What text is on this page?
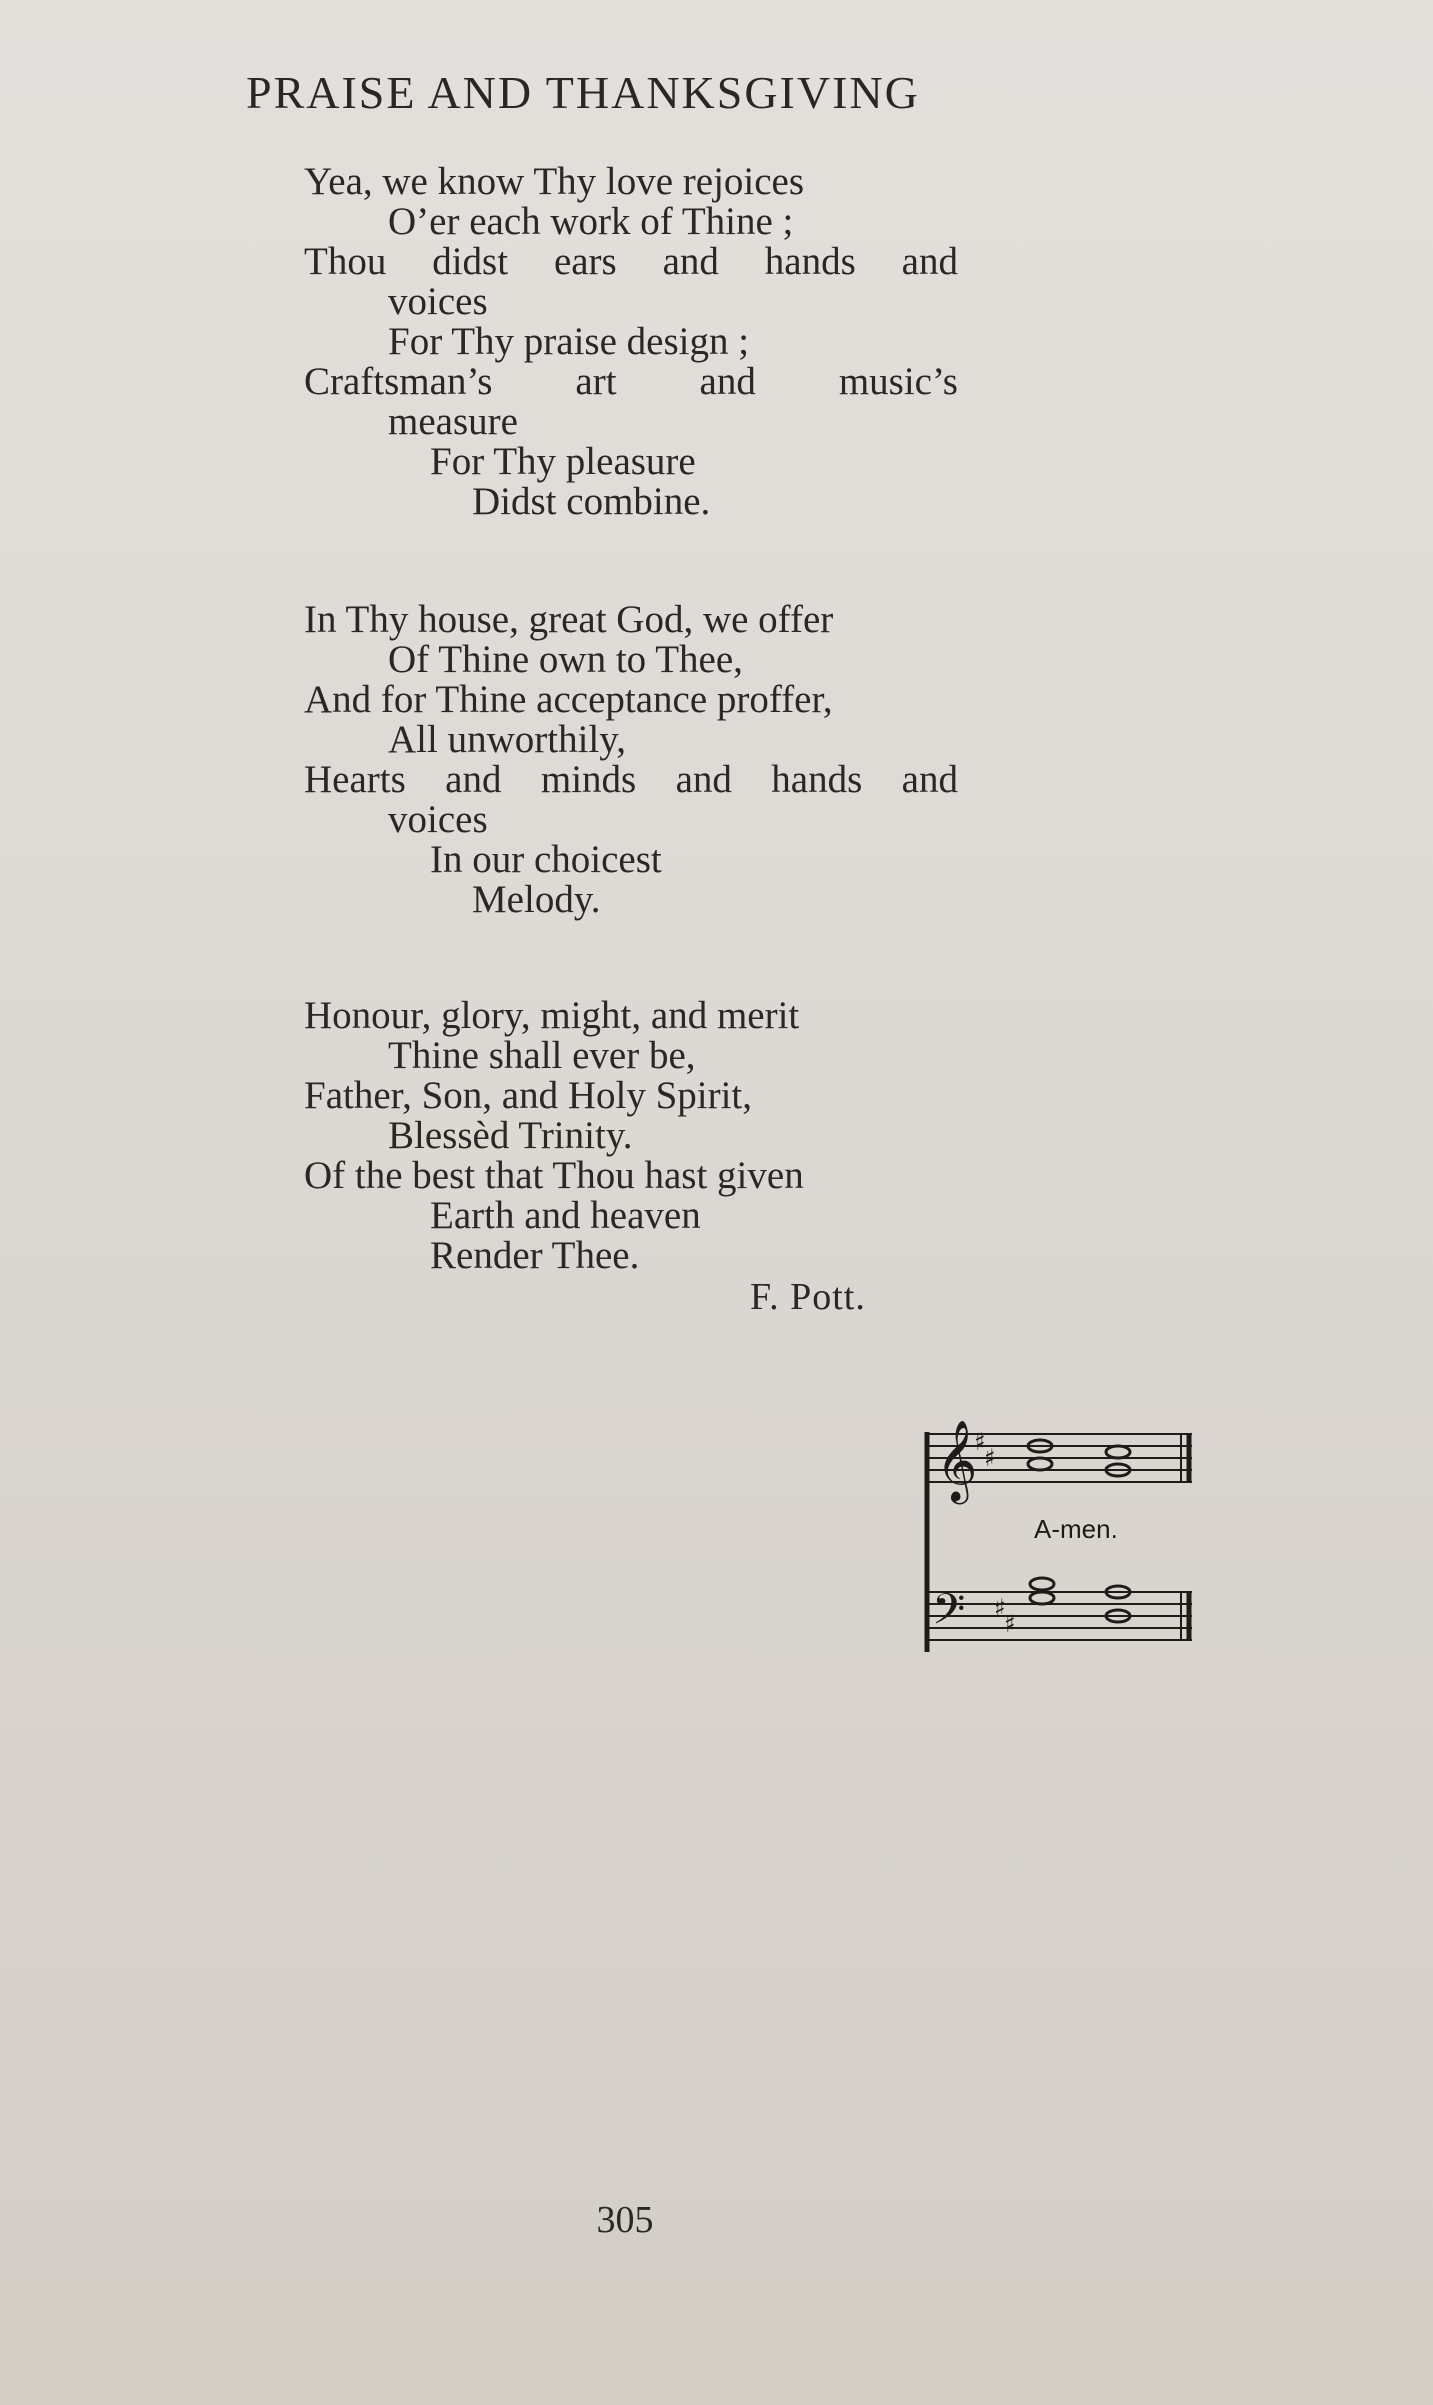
PRAISE AND THANKSGIVING
Yea, we know Thy love rejoices
O’er each work of Thine ;
Thou didst ears and hands and
voices
For Thy praise design ;
Craftsman’s art and music’s
measure
For Thy pleasure
Didst combine.
In Thy house, great God, we offer
Of Thine own to Thee,
And for Thine acceptance proffer,
All unworthily,
Hearts and minds and hands and
voices
In our choicest
Melody.
Honour, glory, might, and merit
Thine shall ever be,
Father, Son, and Holy Spirit,
Blessèd Trinity.
Of the best that Thou hast given
Earth and heaven
Render Thee.
F. Pott.
𝄞
♯
♯
𝄢 ♯
♯
A-men.
305
